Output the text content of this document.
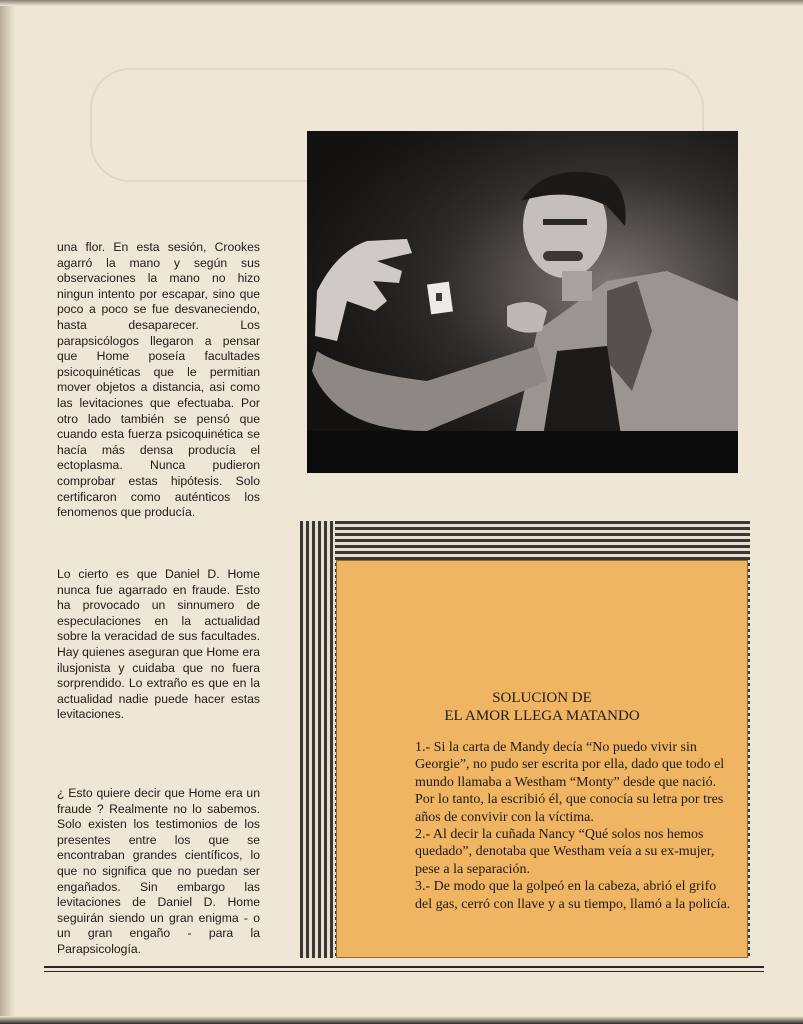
una flor. En esta sesión, Crookes agarró la mano y según sus observaciones la mano no hizo ningun intento por escapar, sino que poco a poco se fue desvaneciendo, hasta desaparecer. Los parapsicólogos llegaron a pensar que Home poseía facultades psicoquinéticas que le permitian mover objetos a distancia, asi como las levitaciones que efectuaba. Por otro lado también se pensó que cuando esta fuerza psicoquinética se hacía más densa producía el ectoplasma. Nunca pudieron comprobar estas hipótesis. Solo certificaron como auténticos los fenomenos que producía.

Lo cierto es que Daniel D. Home nunca fue agarrado en fraude. Esto ha provocado un sinnumero de especulaciones en la actualidad sobre la veracidad de sus facultades. Hay quienes aseguran que Home era ilusjonista y cuidaba que no fuera sorprendido. Lo extraño es que en la actualidad nadie puede hacer estas levitaciones.

SOLUCION DE
EL AMOR LLEGA MATANDO

1.- Si la carta de Mandy decía “No puedo vivir sin Georgie”, no pudo ser escrita por ella, dado que todo el mundo llamaba a Westham “Monty” desde que nació. Por lo tanto, la escribió él, que conocía su letra por tres años de convivir con la víctima.

2.- Al decir la cuñada Nancy “Qué solos nos hemos quedado”, denotaba que Westham veía a su ex-mujer, pese a la separación.

3.- De modo que la golpeó en la cabeza, abrió el grifo del gas, cerró con llave y a su tiempo, llamó a la policía.

¿ Esto quiere decir que Home era un fraude ? Realmente no lo sabemos. Solo existen los testimonios de los presentes entre los que se encontraban grandes científicos, lo que no significa que no puedan ser engañados. Sin embargo las levitaciones de Daniel D. Home seguirán siendo un gran enigma - o un gran engaño - para la Parapsicología.
